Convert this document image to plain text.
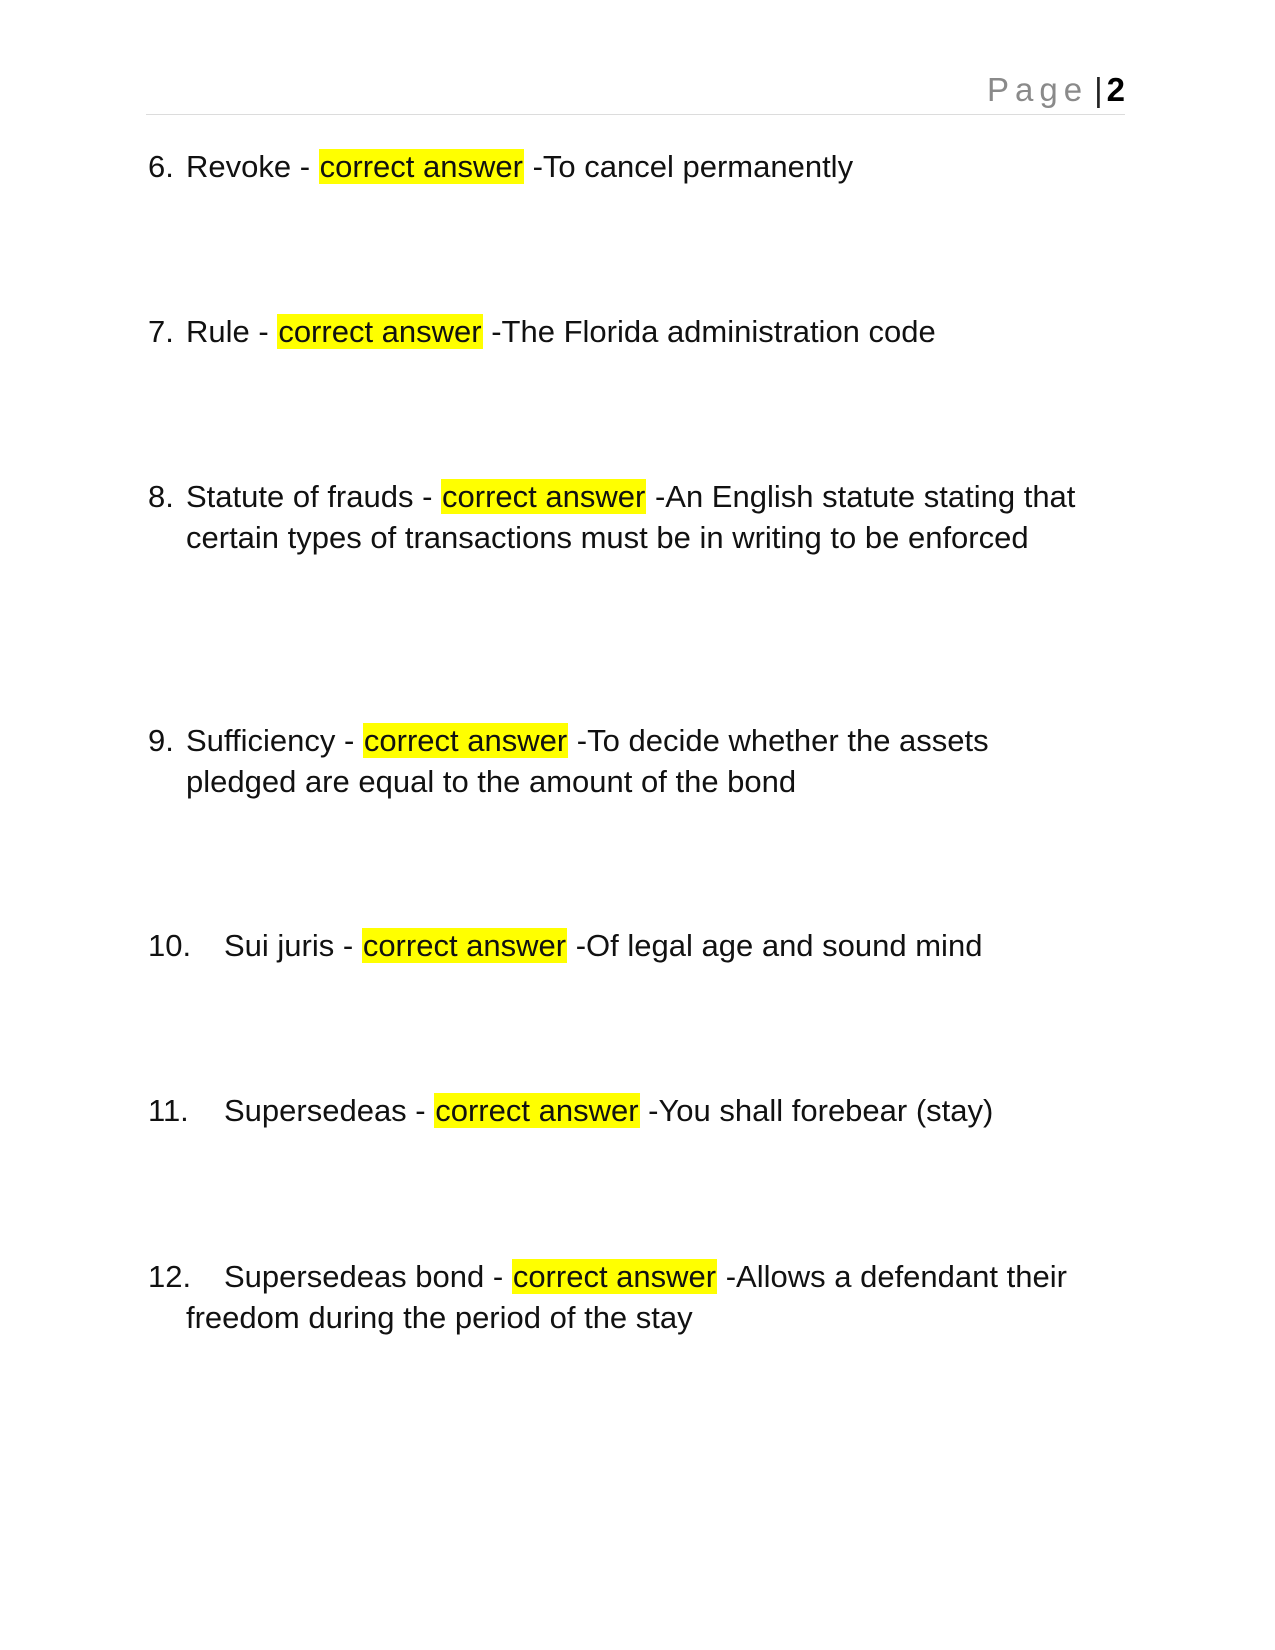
Page | 2
6. Revoke - correct answer -To cancel permanently
7. Rule - correct answer -The Florida administration code
8. Statute of frauds - correct answer -An English statute stating that certain types of transactions must be in writing to be enforced
9. Sufficiency - correct answer -To decide whether the assets pledged are equal to the amount of the bond
10. Sui juris - correct answer -Of legal age and sound mind
11. Supersedeas - correct answer -You shall forebear (stay)
12. Supersedeas bond - correct answer -Allows a defendant their freedom during the period of the stay
